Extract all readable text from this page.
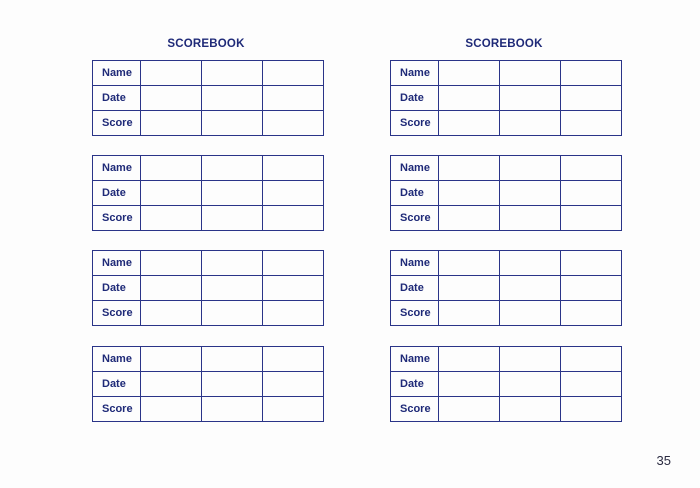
SCOREBOOK
Name			
Date			
Score			
Name			
Date			
Score			
Name			
Date			
Score			
Name			
Date			
Score			
SCOREBOOK
Name			
Date			
Score			
Name			
Date			
Score			
Name			
Date			
Score			
Name			
Date			
Score			
35
